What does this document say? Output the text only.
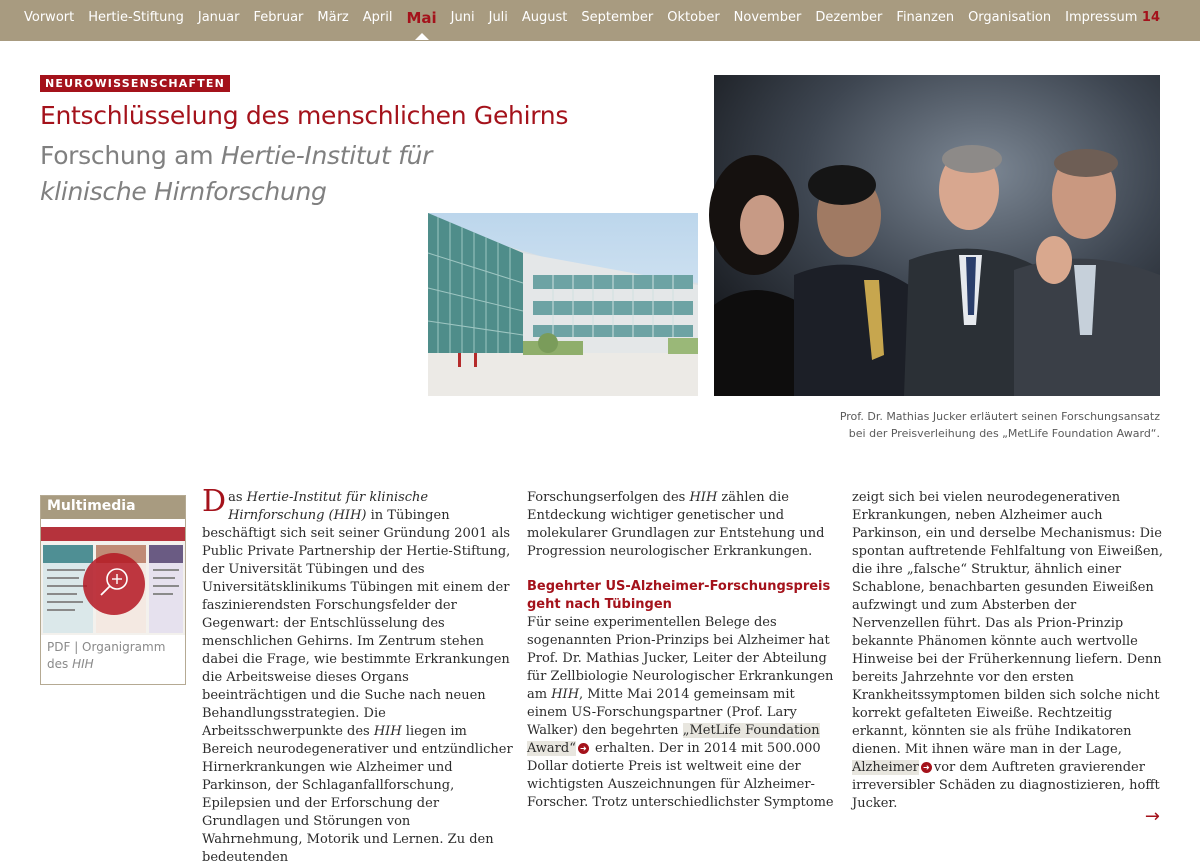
Vorwort Hertie-Stiftung Januar Februar März April Mai Juni Juli August September Oktober November Dezember Finanzen Organisation Impressum 14
NEUROWISSENSCHAFTEN
Entschlüsselung des menschlichen Gehirns
Forschung am Hertie-Institut für klinische Hirnforschung
Prof. Dr. Mathias Jucker erläutert seinen Forschungsansatz
bei der Preisverleihung des „MetLife Foundation Award“.
Multimedia
PDF | Organigramm
des HIH

Das Hertie-Institut für klinische Hirnforschung (HIH) in Tübingen beschäftigt sich seit seiner Gründung 2001 als Public Private Partnership der Hertie-Stiftung, der Universität Tübingen und des Universitätsklinikums Tübingen mit einem der faszinierendsten Forschungsfelder der Gegenwart: der Entschlüsselung des menschlichen Gehirns. Im Zentrum stehen dabei die Frage, wie bestimmte Erkrankungen die Arbeitsweise dieses Organs beeinträchtigen und die Suche nach neuen Behandlungsstrategien. Die Arbeitsschwerpunkte des HIH liegen im Bereich neurodegenerativer und entzündlicher Hirnerkrankungen wie Alzheimer und Parkinson, der Schlaganfallforschung, Epilepsien und der Erforschung der Grundlagen und Störungen von Wahrnehmung, Motorik und Lernen. Zu den bedeutenden

Forschungserfolgen des HIH zählen die Entdeckung wichtiger genetischer und molekularer Grundlagen zur Entstehung und Progression neurologischer Erkrankungen.

Begehrter US-Alzheimer-Forschungspreis geht nach Tübingen

Für seine experimentellen Belege des sogenannten Prion-Prinzips bei Alzheimer hat Prof. Dr. Mathias Jucker, Leiter der Abteilung für Zellbiologie Neurologischer Erkrankungen am HIH, Mitte Mai 2014 gemeinsam mit einem US-Forschungspartner (Prof. Lary Walker) den begehrten „MetLife Foundation Award“ ➜ erhalten. Der in 2014 mit 500.000 Dollar dotierte Preis ist weltweit eine der wichtigsten Auszeichnungen für Alzheimer-Forscher. Trotz unterschiedlichster Symptome

zeigt sich bei vielen neurodegenerativen Erkrankungen, neben Alzheimer auch Parkinson, ein und derselbe Mechanismus: Die spontan auftretende Fehlfaltung von Eiweißen, die ihre „falsche“ Struktur, ähnlich einer Schablone, benachbarten gesunden Eiweißen aufzwingt und zum Absterben der Nervenzellen führt. Das als Prion-Prinzip bekannte Phänomen könnte auch wertvolle Hinweise bei der Früherkennung liefern. Denn bereits Jahrzehnte vor den ersten Krankheitssymptomen bilden sich solche nicht korrekt gefalteten Eiweiße. Rechtzeitig erkannt, könnten sie als frühe Indikatoren dienen. Mit ihnen wäre man in der Lage, Alzheimer ➜ vor dem Auftreten gravierender irreversibler Schäden zu diagnostizieren, hofft Jucker.

→
